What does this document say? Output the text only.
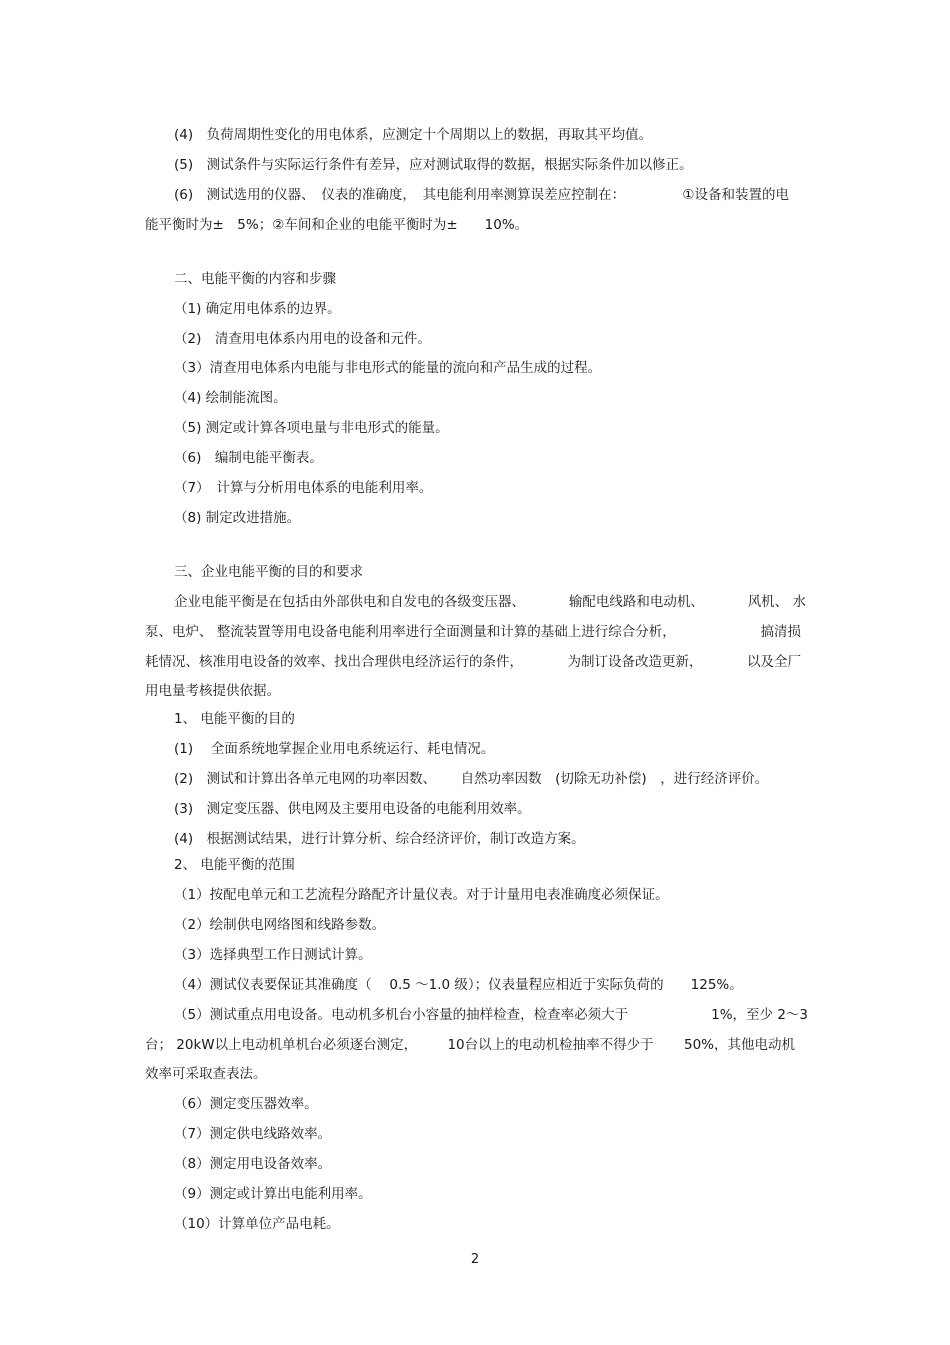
(4)　负荷周期性变化的用电体系，应测定十个周期以上的数据，再取其平均值。
(5)　测试条件与实际运行条件有差异，应对测试取得的数据，根据实际条件加以修正。
(6)　测试选用的仪器、　仪表的准确度，　其电能利用率测算误差应控制在：	①设备和装置的电
能平衡时为±　5%；②车间和企业的电能平衡时为±　　10%。
二、电能平衡的内容和步骤
（1) 确定用电体系的边界。
（2)　清查用电体系内用电的设备和元件。
（3）清查用电体系内电能与非电形式的能量的流向和产品生成的过程。
（4) 绘制能流图。
（5) 测定或计算各项电量与非电形式的能量。
（6)　编制电能平衡表。
（7）　计算与分析用电体系的电能利用率。
（8) 制定改进措施。
三、企业电能平衡的目的和要求
企业电能平衡是在包括由外部供电和自发电的各级变压器、	输配电线路和电动机、	风机、 水
泵、电炉、 整流装置等用电设备电能利用率进行全面测量和计算的基础上进行综合分析，	搞清损
耗情况、核准用电设备的效率、找出合理供电经济运行的条件，	为制订设备改造更新，	以及全厂
用电量考核提供依据。
1、 电能平衡的目的
(1)　 全面系统地掌握企业用电系统运行、耗电情况。
(2)　测试和计算出各单元电网的功率因数、　　 自然功率因数　(切除无功补偿)　，进行经济评价。
(3)　测定变压器、供电网及主要用电设备的电能利用效率。
(4)　根据测试结果，进行计算分析、综合经济评价，制订改造方案。
2、 电能平衡的范围
（1）按配电单元和工艺流程分路配齐计量仪表。对于计量用电表准确度必须保证。
（2）绘制供电网络图和线路参数。
（3）选择典型工作日测试计算。
（4）测试仪表要保证其准确度（　 0.5 ～1.0 级）；仪表量程应相近于实际负荷的　　125%。
（5）测试重点用电设备。电动机多机台小容量的抽样检查，检查率必须大于	1%，至少 2～3
台； 20kW以上电动机单机台必须逐台测定， 10台以上的电动机检抽率不得少于 50%，其他电动机
效率可采取查表法。
（6）测定变压器效率。
（7）测定供电线路效率。
（8）测定用电设备效率。
（9）测定或计算出电能利用率。
（10）计算单位产品电耗。
2
